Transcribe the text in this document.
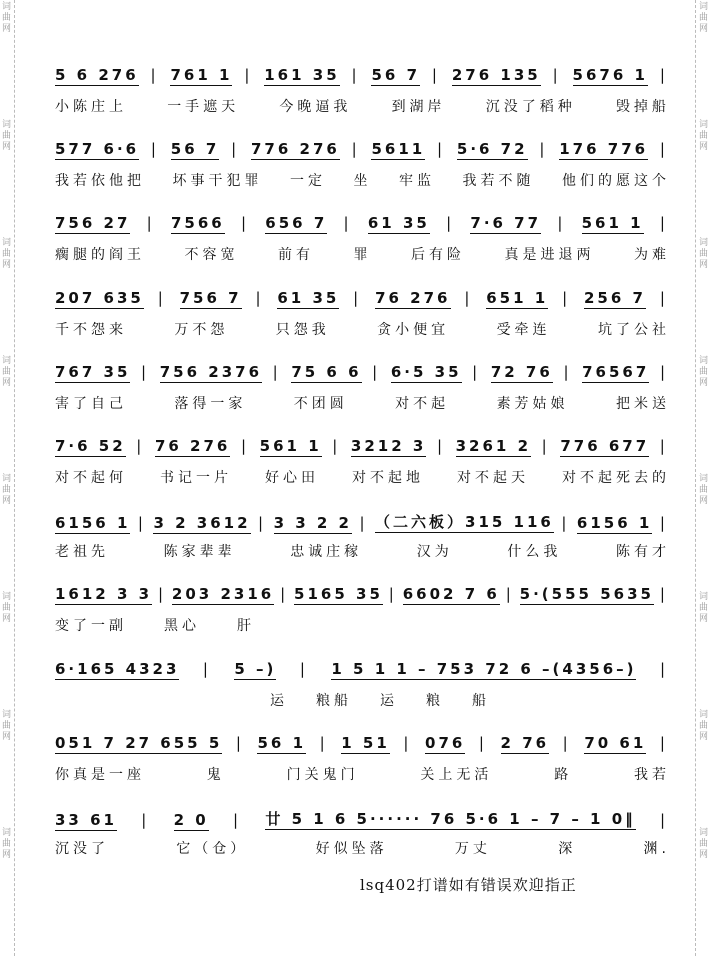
词
曲
网
词
曲
网
词
曲
网
词
曲
网
词
曲
网
词
曲
网
词
曲
网
词
曲
网
词
曲
网
词
曲
网
词
曲
网
词
曲
网
词
曲
网
词
曲
网
词
曲
网
词
曲
网
5 6 276 | 761 1 | 161 35 | 56 7 | 276 135 | 5676 1 |
小陈庄上	一手遮天	今晚逼我	到湖岸	沉没了稻种	毁掉船
577 6·6 | 56 7 | 776 276 | 5611 | 5·6 72 | 176 776 |
我若依他把 坏事干犯罪 一定 坐 牢监 我若不随 他们的愿这个
756 27 | 7566 | 656 7 | 61 35 | 7·6 77 | 561 1 |
瘸腿的阎王	不容宽	前有	罪	后有险	真是进退两	为难
207 635 | 756 7 | 61 35 | 76 276 | 651 1 | 256 7 |
千不怨来	万不怨	只怨我	贪小便宜	受牵连	坑了公社
767 35 | 756 2376 | 75 6 6 | 6·5 35 | 72 76 | 76567 |
害了自己	落得一家	不团圆	对不起	素芳姑娘	把米送
7·6 52 | 76 276 | 561 1 | 3212 3 | 3261 2 | 776 677 |
对不起何 书记一片 好心田 对不起地 对不起天 对不起死去的
6156 1 | 3 2 3612 | 3 3 2 2 | （二六板）315 116 | 6156 1 |
老祖先	陈家辈辈	忠诚庄稼	汉为	什么我	陈有才
1612 3 3 | 203 2316 | 5165 35 | 6602 7 6 | 5·(555 5635 |
变了一副	黑心	肝
6·165 4323 | 5 –) | 1 5 1 1 – 753 72 6 –(4356–) |
运 粮船 运 粮 船
051 7 27 655 5 | 56 1 | 1 51 | 076 | 2 76 | 70 61 |
你真是一座	鬼	门关鬼门	关上无活	路	我若
33 61 | 2 0 | 廿 5 1 6 5······ 76 5·6 1 – 7 – 1 0‖ |
沉没了	它（仓）	好似坠落	万丈	深	渊.
lsq402打谱如有错误欢迎指正
